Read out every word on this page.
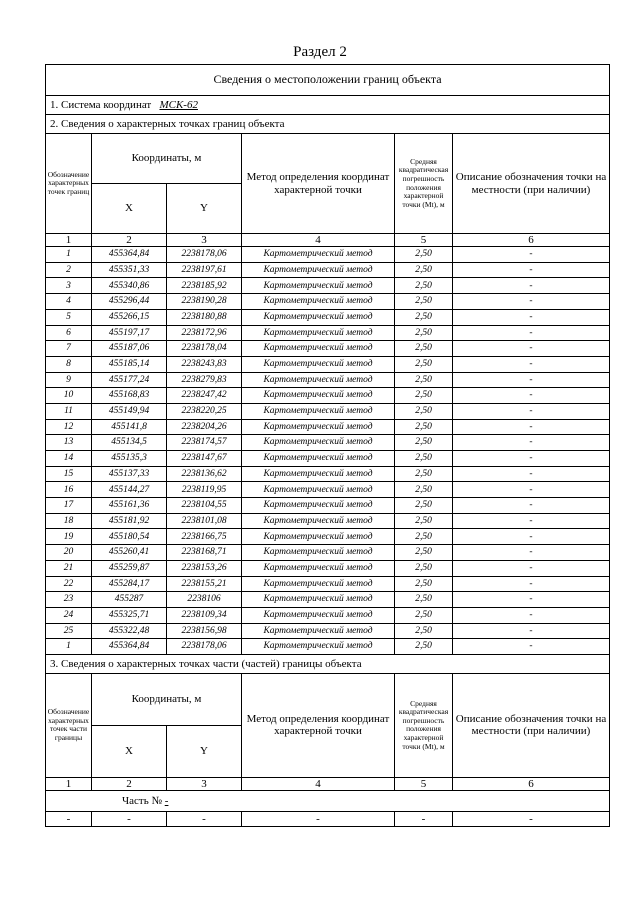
Раздел 2
Сведения о местоположении границ объекта					
1. Система координат МСК-62					
2. Сведения о характерных точках границ объекта					
Обозначение характерных точек границ	Координаты, м		Метод определения координат характерной точки	Средняя квадратическая погрешность положения характерной точки (Mt), м	Описание обозначения точки на местности (при наличии)
	X	Y			
1	2	3	4	5	6
1	455364,84	2238178,06	Картометрический метод	2,50	-
2	455351,33	2238197,61	Картометрический метод	2,50	-
3	455340,86	2238185,92	Картометрический метод	2,50	-
4	455296,44	2238190,28	Картометрический метод	2,50	-
5	455266,15	2238180,88	Картометрический метод	2,50	-
6	455197,17	2238172,96	Картометрический метод	2,50	-
7	455187,06	2238178,04	Картометрический метод	2,50	-
8	455185,14	2238243,83	Картометрический метод	2,50	-
9	455177,24	2238279,83	Картометрический метод	2,50	-
10	455168,83	2238247,42	Картометрический метод	2,50	-
11	455149,94	2238220,25	Картометрический метод	2,50	-
12	455141,8	2238204,26	Картометрический метод	2,50	-
13	455134,5	2238174,57	Картометрический метод	2,50	-
14	455135,3	2238147,67	Картометрический метод	2,50	-
15	455137,33	2238136,62	Картометрический метод	2,50	-
16	455144,27	2238119,95	Картометрический метод	2,50	-
17	455161,36	2238104,55	Картометрический метод	2,50	-
18	455181,92	2238101,08	Картометрический метод	2,50	-
19	455180,54	2238166,75	Картометрический метод	2,50	-
20	455260,41	2238168,71	Картометрический метод	2,50	-
21	455259,87	2238153,26	Картометрический метод	2,50	-
22	455284,17	2238155,21	Картометрический метод	2,50	-
23	455287	2238106	Картометрический метод	2,50	-
24	455325,71	2238109,34	Картометрический метод	2,50	-
25	455322,48	2238156,98	Картометрический метод	2,50	-
1	455364,84	2238178,06	Картометрический метод	2,50	-
3. Сведения о характерных точках части (частей) границы объекта					
Обозначение характерных точек части границы	Координаты, м		Метод определения координат характерной точки	Средняя квадратическая погрешность положения характерной точки (Mt), м	Описание обозначения точки на местности (при наличии)
	X	Y			
1	2	3	4	5	6
Часть № -					
-	-	-	-	-	-
